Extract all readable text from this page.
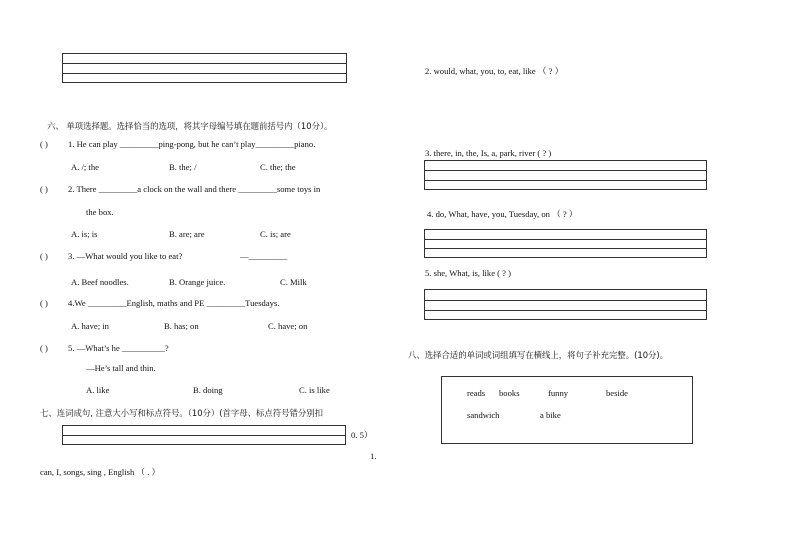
六、 单项选择题。选择恰当的选项，将其字母编号填在题前括号内（10分）。
( ) 1. He can play _________ping-pong, but he can’t play_________piano.
A. /; the	B. the; /	C. the; the
( ) 2. There _________a clock on the wall and there _________some toys in
the box.
A. is; is	B. are; are	C. is; are
( ) 3. —What would you like to eat?	—_________
A. Beef noodles.	B. Orange juice.	C. Milk
( ) 4.We _________English, maths and PE _________Tuesdays.
A. have; in	B. has; on	C. have; on
( ) 5. —What’s he __________?
—He’s tall and thin.
A. like	B. doing	C. is like
七、连词成句, 注意大小写和标点符号。（10分）(首字母、标点符号错分别扣
0. 5）
1.
can, I, songs, sing , English （ . ）
2. would, what, you, to, eat, like （ ? ）
3. there, in, the, Is, a, park, river ( ? )
4. do, What, have, you, Tuesday, on （ ? ）
5. she, What, is, like ( ? )
八、选择合适的单词或词组填写在横线上，将句子补充完整。(10分)。
reads books	funny	beside
sandwich	a bike
